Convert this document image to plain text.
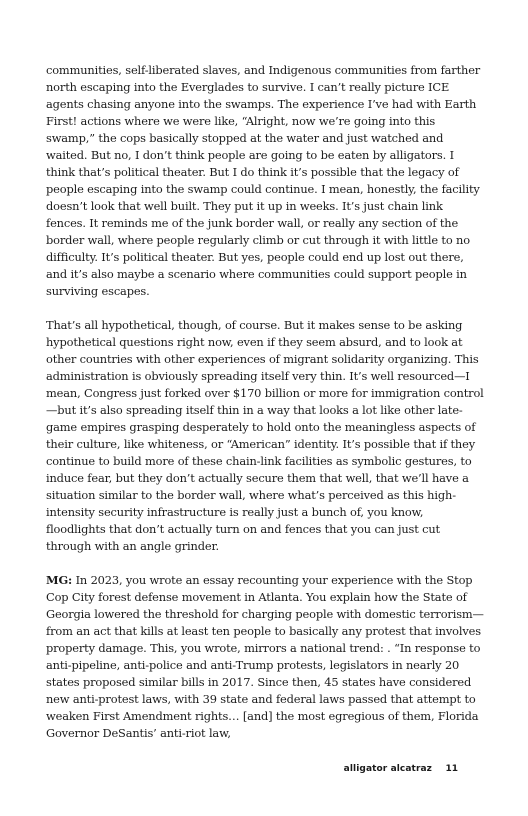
communities, self-liberated slaves, and Indigenous communities from farther north escaping into the Everglades to survive. I can’t really picture ICE agents chasing anyone into the swamps. The experience I’ve had with Earth First! actions where we were like, “Alright, now we’re going into this swamp,” the cops basically stopped at the water and just watched and waited. But no, I don’t think people are going to be eaten by alligators. I think that’s political theater. But I do think it’s possible that the legacy of people escaping into the swamp could continue. I mean, honestly, the facility doesn’t look that well built. They put it up in weeks. It’s just chain link fences. It reminds me of the junk border wall, or really any section of the border wall, where people regularly climb or cut through it with little to no difficulty. It’s political theater. But yes, people could end up lost out there, and it’s also maybe a scenario where communities could support people in surviving escapes.

That’s all hypothetical, though, of course. But it makes sense to be asking hypothetical questions right now, even if they seem absurd, and to look at other countries with other experiences of migrant solidarity organizing. This administration is obviously spreading itself very thin. It’s well resourced—I mean, Congress just forked over $170 billion or more for immigration control—but it’s also spreading itself thin in a way that looks a lot like other late-game empires grasping desperately to hold onto the meaningless aspects of their culture, like whiteness, or “American” identity. It’s possible that if they continue to build more of these chain-link facilities as symbolic gestures, to induce fear, but they don’t actually secure them that well, that we’ll have a situation similar to the border wall, where what’s perceived as this high-intensity security infrastructure is really just a bunch of, you know, floodlights that don’t actually turn on and fences that you can just cut through with an angle grinder.

MG: In 2023, you wrote an essay recounting your experience with the Stop Cop City forest defense movement in Atlanta. You explain how the State of Georgia lowered the threshold for charging people with domestic terrorism—from an act that kills at least ten people to basically any protest that involves property damage. This, you wrote, mirrors a national trend: . “In response to anti-pipeline, anti-police and anti-Trump protests, legislators in nearly 20 states proposed similar bills in 2017. Since then, 45 states have considered new anti-protest laws, with 39 state and federal laws passed that attempt to weaken First Amendment rights… [and] the most egregious of them, Florida Governor DeSantis’ anti-riot law,

alligator alcatraz 11
